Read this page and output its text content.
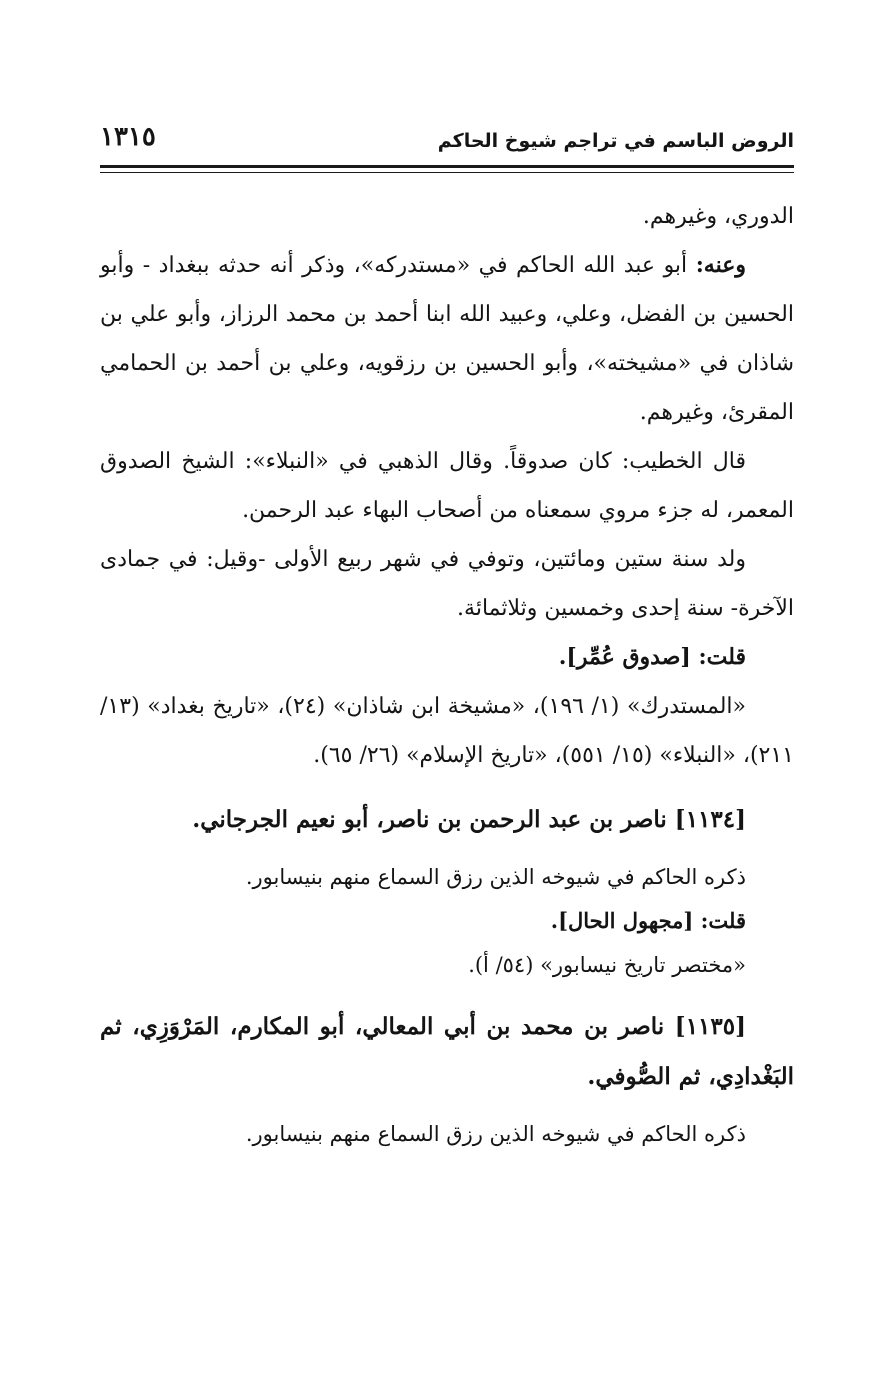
الروض الباسم في تراجم شيوخ الحاكم
١٣١٥

الدوري، وغيرهم.

وعنه: أبو عبد الله الحاكم في «مستدركه»، وذكر أنه حدثه ببغداد - وأبو الحسين بن الفضل، وعلي، وعبيد الله ابنا أحمد بن محمد الرزاز، وأبو علي بن شاذان في «مشيخته»، وأبو الحسين بن رزقويه، وعلي بن أحمد بن الحمامي المقرئ، وغيرهم.

قال الخطيب: كان صدوقاً. وقال الذهبي في «النبلاء»: الشيخ الصدوق المعمر، له جزء مروي سمعناه من أصحاب البهاء عبد الرحمن.

ولد سنة ستين ومائتين، وتوفي في شهر ربيع الأولى -وقيل: في جمادى الآخرة- سنة إحدى وخمسين وثلاثمائة.

قلت: [صدوق عُمِّر].

«المستدرك» (١/ ١٩٦)، «مشيخة ابن شاذان» (٢٤)، «تاريخ بغداد» (١٣/ ٢١١)، «النبلاء» (١٥/ ٥٥١)، «تاريخ الإسلام» (٢٦/ ٦٥).

[١١٣٤] ناصر بن عبد الرحمن بن ناصر، أبو نعيم الجرجاني.

ذكره الحاكم في شيوخه الذين رزق السماع منهم بنيسابور.

قلت: [مجهول الحال].

«مختصر تاريخ نيسابور» (٥٤/ أ).

[١١٣٥] ناصر بن محمد بن أبي المعالي، أبو المكارم، المَرْوَزِي، ثم البَغْدادِي، ثم الصُّوفي.

ذكره الحاكم في شيوخه الذين رزق السماع منهم بنيسابور.
